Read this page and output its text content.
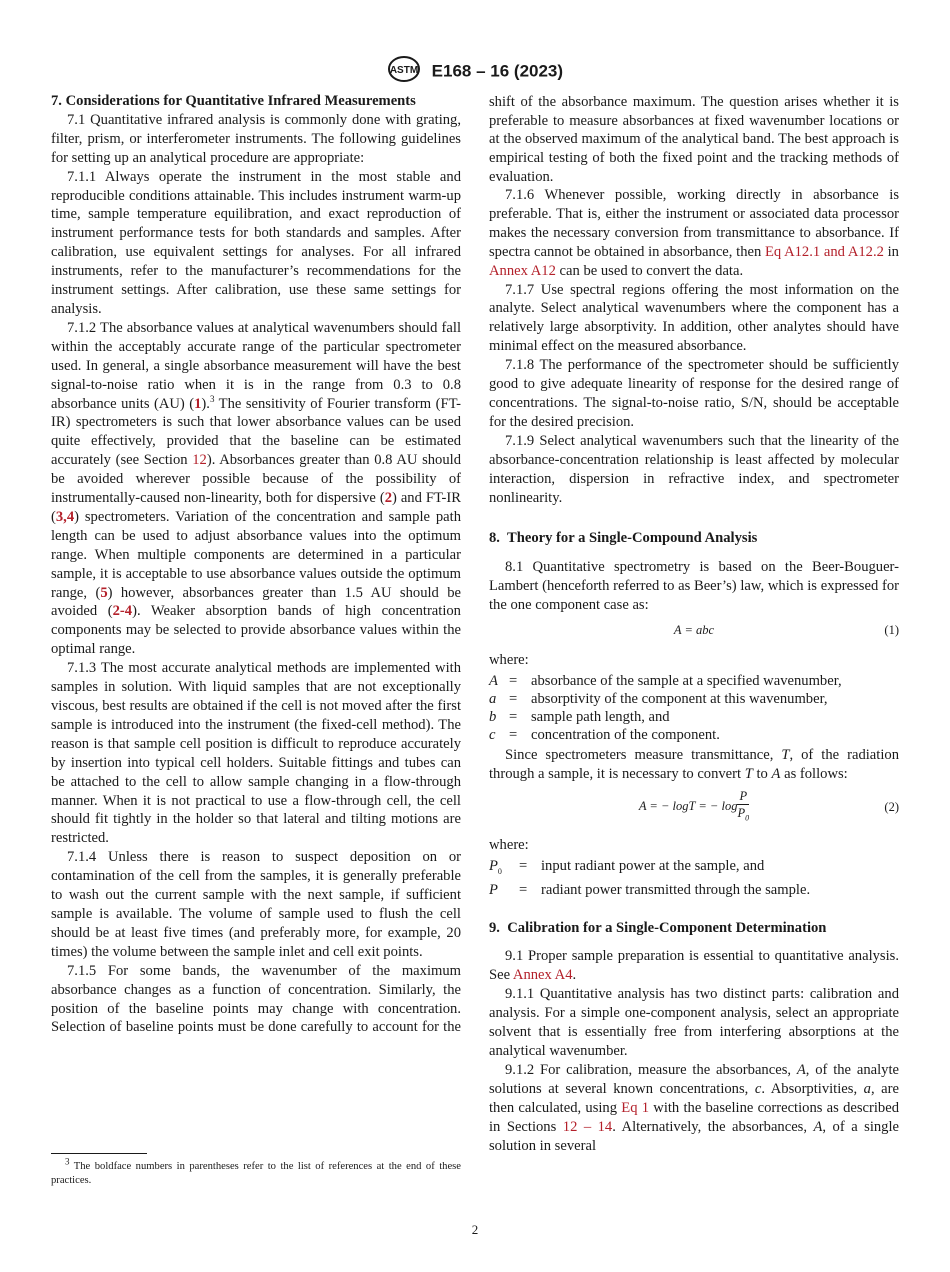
ASTM E168 – 16 (2023)
7. Considerations for Quantitative Infrared Measurements

7.1 Quantitative infrared analysis is commonly done with grating, filter, prism, or interferometer instruments. The following guidelines for setting up an analytical procedure are appropriate:

7.1.1 Always operate the instrument in the most stable and reproducible conditions attainable. This includes instrument warm-up time, sample temperature equilibration, and exact reproduction of instrument performance tests for both standards and samples. After calibration, use equivalent settings for analyses. For all infrared instruments, refer to the manufacturer’s recommendations for the instrument settings. After calibration, use these same settings for analysis.

7.1.2 The absorbance values at analytical wavenumbers should fall within the acceptably accurate range of the particular spectrometer used. In general, a single absorbance measurement will have the best signal-to-noise ratio when it is in the range from 0.3 to 0.8 absorbance units (AU) (1).$^3$ The sensitivity of Fourier transform (FT-IR) spectrometers is such that lower absorbance values can be used quite effectively, provided that the baseline can be estimated accurately (see Section 12). Absorbances greater than 0.8 AU should be avoided wherever possible because of the possibility of instrumentally-caused non-linearity, both for dispersive (2) and FT-IR (3,4) spectrometers. Variation of the concentration and sample path length can be used to adjust absorbance values into the optimum range. When multiple components are determined in a particular sample, it is acceptable to use absorbance values outside the optimum range, (5) however, absorbances greater than 1.5 AU should be avoided (2-4). Weaker absorption bands of high concentration components may be selected to provide absorbance values within the optimal range.

7.1.3 The most accurate analytical methods are implemented with samples in solution. With liquid samples that are not exceptionally viscous, best results are obtained if the cell is not moved after the first sample is introduced into the instrument (the fixed-cell method). The reason is that sample cell position is difficult to reproduce accurately by insertion into typical cell holders. Suitable fittings and tubes can be attached to the cell to allow sample changing in a flow-through manner. When it is not practical to use a flow-through cell, the cell should fit tightly in the holder so that lateral and tilting motions are restricted.

7.1.4 Unless there is reason to suspect deposition on or contamination of the cell from the samples, it is generally preferable to wash out the current sample with the next sample, if sufficient sample is available. The volume of sample used to flush the cell should be at least five times (and preferably more, for example, 20 times) the volume between the sample inlet and cell exit points.

7.1.5 For some bands, the wavenumber of the maximum absorbance changes as a function of concentration. Similarly, the position of the baseline points may change with concentration. Selection of baseline points must be done carefully to account for the

shift of the absorbance maximum. The question arises whether it is preferable to measure absorbances at fixed wavenumber locations or at the observed maximum of the analytical band. The best approach is empirical testing of both the fixed point and the tracking methods of evaluation.

7.1.6 Whenever possible, working directly in absorbance is preferable. That is, either the instrument or associated data processor makes the necessary conversion from transmittance to absorbance. If spectra cannot be obtained in absorbance, then Eq A12.1 and A12.2 in Annex A12 can be used to convert the data.

7.1.7 Use spectral regions offering the most information on the analyte. Select analytical wavenumbers where the component has a relatively large absorptivity. In addition, other analytes should have minimal effect on the measured absorbance.

7.1.8 The performance of the spectrometer should be sufficiently good to give adequate linearity of response for the desired range of concentrations. The signal-to-noise ratio, S/N, should be acceptable for the desired precision.

7.1.9 Select analytical wavenumbers such that the linearity of the absorbance-concentration relationship is least affected by molecular interaction, dispersion in refractive index, and spectrometer nonlinearity.

8. Theory for a Single-Compound Analysis

8.1 Quantitative spectrometry is based on the Beer-Bouguer-Lambert (henceforth referred to as Beer’s) law, which is expressed for the one component case as:

A = abc	(1)

where:

A = absorbance of the sample at a specified wavenumber,
a = absorptivity of the component at this wavenumber,
b = sample path length, and
c = concentration of the component.

Since spectrometers measure transmittance, T, of the radiation through a sample, it is necessary to convert T to A as follows:

A = − logT = − $\log \frac{P}{P_0}$	(2)

where:

$P_0$	= input radiant power at the sample, and
P	= radiant power transmitted through the sample.
9. Calibration for a Single-Component Determination

9.1 Proper sample preparation is essential to quantitative analysis. See Annex A4.

9.1.1 Quantitative analysis has two distinct parts: calibration and analysis. For a simple one-component analysis, select an appropriate solvent that is essentially free from interfering absorptions at the analytical wavenumber.

9.1.2 For calibration, measure the absorbances, A, of the analyte solutions at several known concentrations, c. Absorptivities, a, are then calculated, using Eq 1 with the baseline corrections as described in Sections 12 – 14. Alternatively, the absorbances, A, of a single solution in several

$^3$ The boldface numbers in parentheses refer to the list of references at the end of these practices.
2
